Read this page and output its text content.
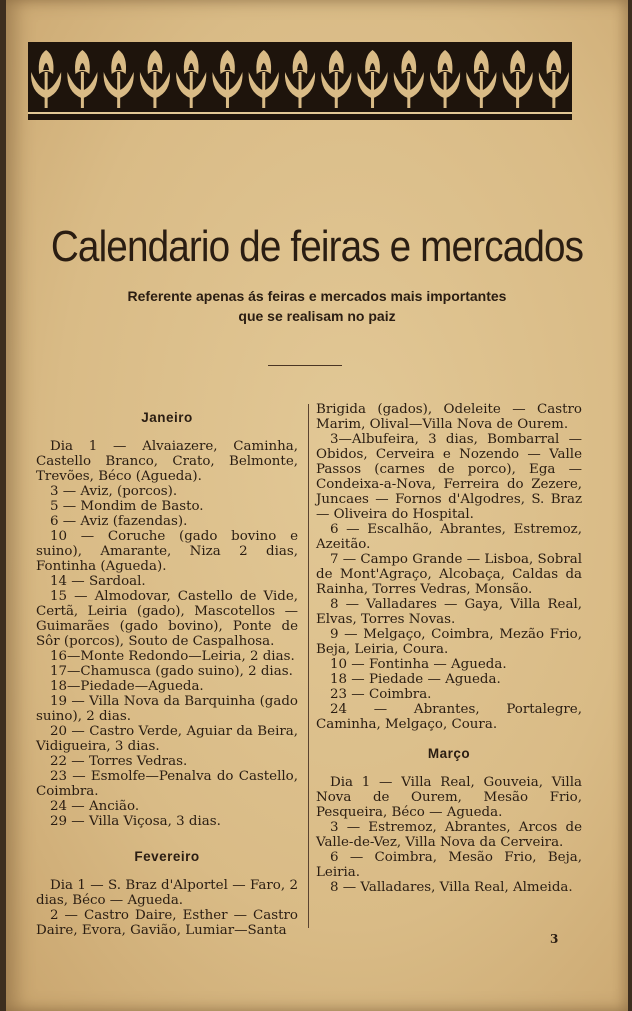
Calendario de feiras e mercados
Referente apenas ás feiras e mercados mais importantes
que se realisam no paiz
Janeiro

Dia 1 — Alvaiazere, Caminha, Castello Branco, Crato, Belmonte, Trevões, Béco (Agueda).

3 — Aviz, (porcos).

5 — Mondim de Basto.

6 — Aviz (fazendas).

10 — Coruche (gado bovino e suino), Amarante, Niza 2 dias, Fontinha (Agueda).

14 — Sardoal.

15 — Almodovar, Castello de Vide, Certã, Leiria (gado), Mascotellos — Guimarães (gado bovino), Ponte de Sôr (porcos), Souto de Caspalhosa.

16—Monte Redondo—Leiria, 2 dias.

17—Chamusca (gado suino), 2 dias.

18—Piedade—Agueda.

19 — Villa Nova da Barquinha (gado suino), 2 dias.

20 — Castro Verde, Aguiar da Beira, Vidigueira, 3 dias.

22 — Torres Vedras.

23 — Esmolfe—Penalva do Castello, Coimbra.

24 — Ancião.

29 — Villa Viçosa, 3 dias.

Fevereiro

Dia 1 — S. Braz d'Alportel — Faro, 2 dias, Béco — Agueda.

2 — Castro Daire, Esther — Castro Daire, Evora, Gavião, Lumiar—Santa

Brigida (gados), Odeleite — Castro Marim, Olival—Villa Nova de Ourem.

3—Albufeira, 3 dias, Bombarral — Obidos, Cerveira e Nozendo — Valle Passos (carnes de porco), Ega — Condeixa-a-Nova, Ferreira do Zezere, Juncaes — Fornos d'Algodres, S. Braz — Oliveira do Hospital.

6 — Escalhão, Abrantes, Estremoz, Azeitão.

7 — Campo Grande — Lisboa, Sobral de Mont'Agraço, Alcobaça, Caldas da Rainha, Torres Vedras, Monsão.

8 — Valladares — Gaya, Villa Real, Elvas, Torres Novas.

9 — Melgaço, Coimbra, Mezão Frio, Beja, Leiria, Coura.

10 — Fontinha — Agueda.

18 — Piedade — Agueda.

23 — Coimbra.

24 — Abrantes, Portalegre, Caminha, Melgaço, Coura.

Março

Dia 1 — Villa Real, Gouveia, Villa Nova de Ourem, Mesão Frio, Pesqueira, Béco — Agueda.

3 — Estremoz, Abrantes, Arcos de Valle-de-Vez, Villa Nova da Cerveira.

6 — Coimbra, Mesão Frio, Beja, Leiria.

8 — Valladares, Villa Real, Almeida.

3
